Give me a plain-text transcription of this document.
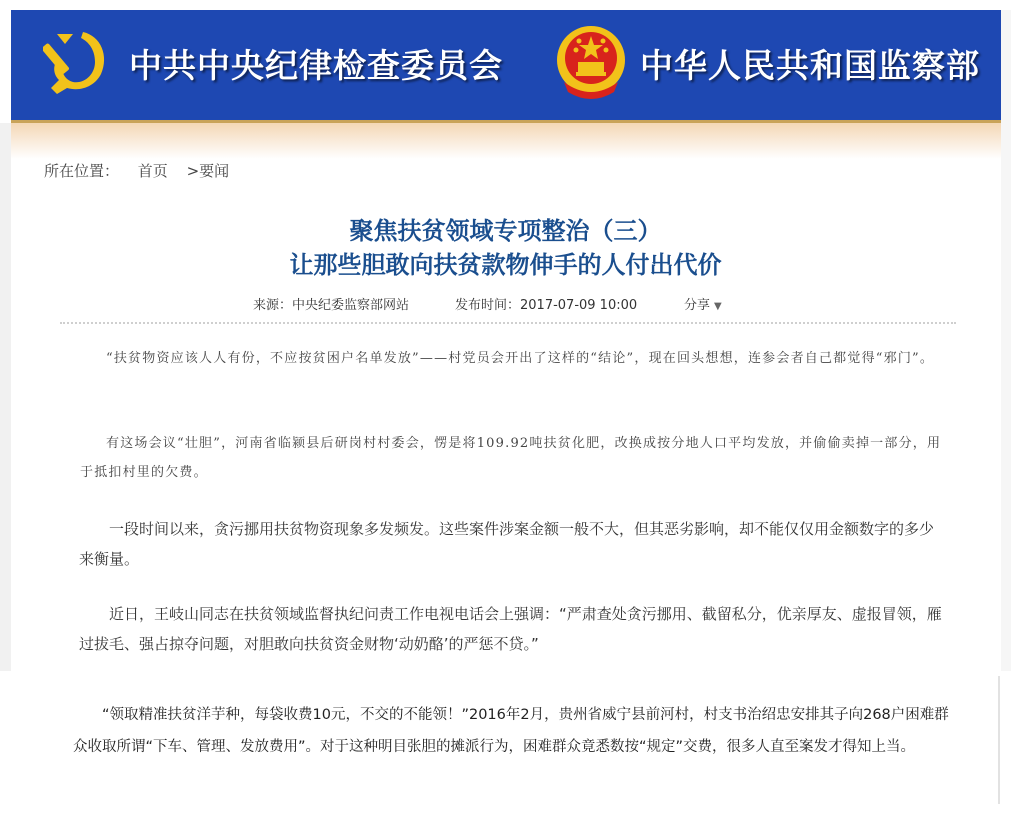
中共中央纪律检查委员会	中华人民共和国监察部
所在位置： 首页 >要闻
聚焦扶贫领域专项整治（三）
让那些胆敢向扶贫款物伸手的人付出代价
来源：中央纪委监察部网站	发布时间：2017-07-09 10:00	分享 ▼

“扶贫物资应该人人有份，不应按贫困户名单发放”——村党员会开出了这样的“结论”，现在回头想想，连参会者自己都觉得“邪门”。

有这场会议“壮胆”，河南省临颍县后研岗村村委会，愣是将109.92吨扶贫化肥，改换成按分地人口平均发放，并偷偷卖掉一部分，用于抵扣村里的欠费。

一段时间以来，贪污挪用扶贫物资现象多发频发。这些案件涉案金额一般不大，但其恶劣影响，却不能仅仅用金额数字的多少来衡量。

近日，王岐山同志在扶贫领域监督执纪问责工作电视电话会上强调：“严肃查处贪污挪用、截留私分，优亲厚友、虚报冒领，雁过拔毛、强占掠夺问题，对胆敢向扶贫资金财物‘动奶酪’的严惩不贷。”

“领取精准扶贫洋芋种，每袋收费10元，不交的不能领！”2016年2月，贵州省威宁县前河村，村支书治绍忠安排其子向268户困难群众收取所谓“下车、管理、发放费用”。对于这种明目张胆的摊派行为，困难群众竟悉数按“规定”交费，很多人直至案发才得知上当。
